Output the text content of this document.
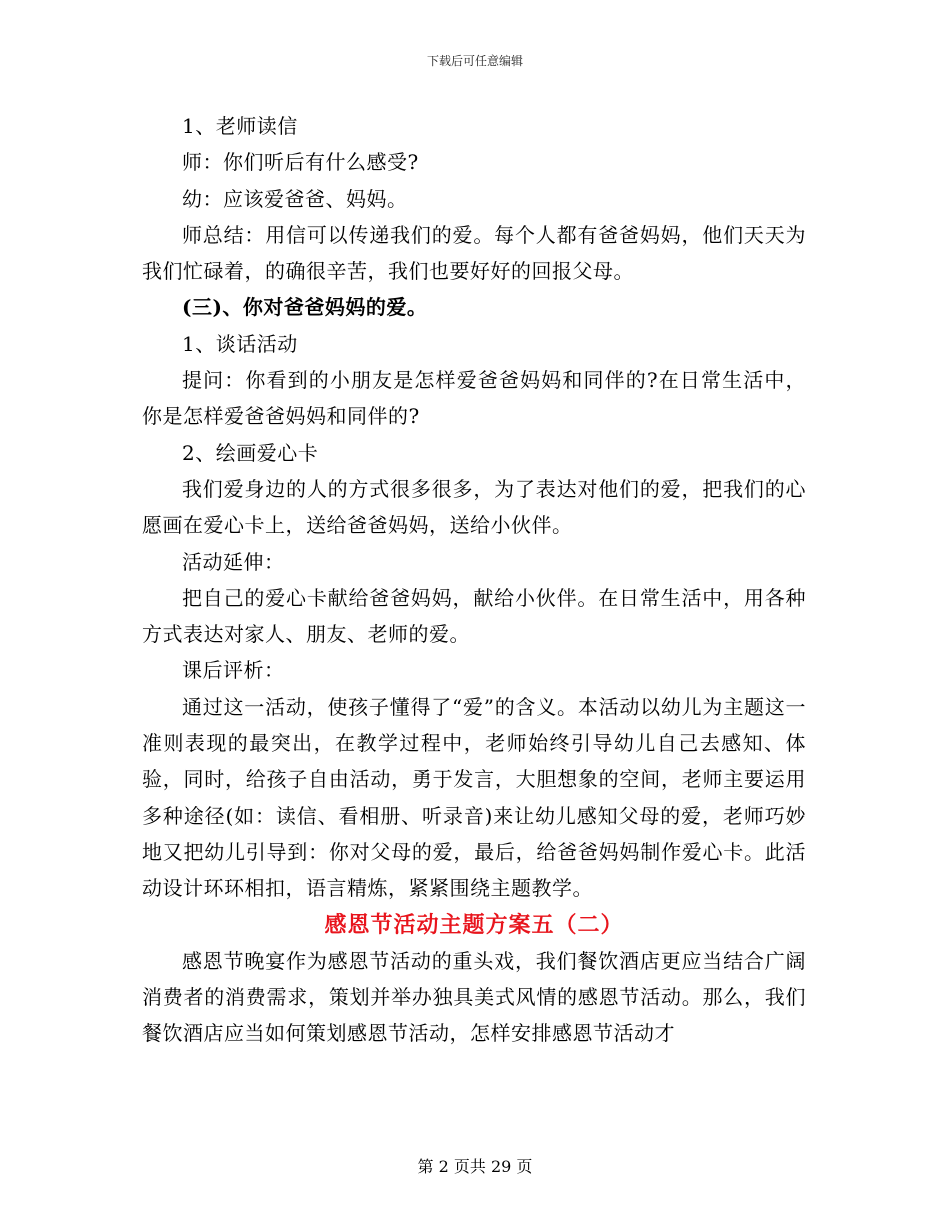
下载后可任意编辑

1、老师读信

师：你们听后有什么感受?

幼：应该爱爸爸、妈妈。

师总结：用信可以传递我们的爱。每个人都有爸爸妈妈，他们天天为我们忙碌着，的确很辛苦，我们也要好好的回报父母。

(三)、你对爸爸妈妈的爱。

1、谈话活动

提问：你看到的小朋友是怎样爱爸爸妈妈和同伴的?在日常生活中，你是怎样爱爸爸妈妈和同伴的?

2、绘画爱心卡

我们爱身边的人的方式很多很多，为了表达对他们的爱，把我们的心愿画在爱心卡上，送给爸爸妈妈，送给小伙伴。

活动延伸：

把自己的爱心卡献给爸爸妈妈，献给小伙伴。在日常生活中，用各种方式表达对家人、朋友、老师的爱。

课后评析：

通过这一活动，使孩子懂得了“爱”的含义。本活动以幼儿为主题这一准则表现的最突出，在教学过程中，老师始终引导幼儿自己去感知、体验，同时，给孩子自由活动，勇于发言，大胆想象的空间，老师主要运用多种途径(如：读信、看相册、听录音)来让幼儿感知父母的爱，老师巧妙地又把幼儿引导到：你对父母的爱，最后，给爸爸妈妈制作爱心卡。此活动设计环环相扣，语言精炼，紧紧围绕主题教学。

感恩节活动主题方案五（二）

感恩节晚宴作为感恩节活动的重头戏，我们餐饮酒店更应当结合广阔消费者的消费需求，策划并举办独具美式风情的感恩节活动。那么，我们餐饮酒店应当如何策划感恩节活动，怎样安排感恩节活动才

第 2 页共 29 页
